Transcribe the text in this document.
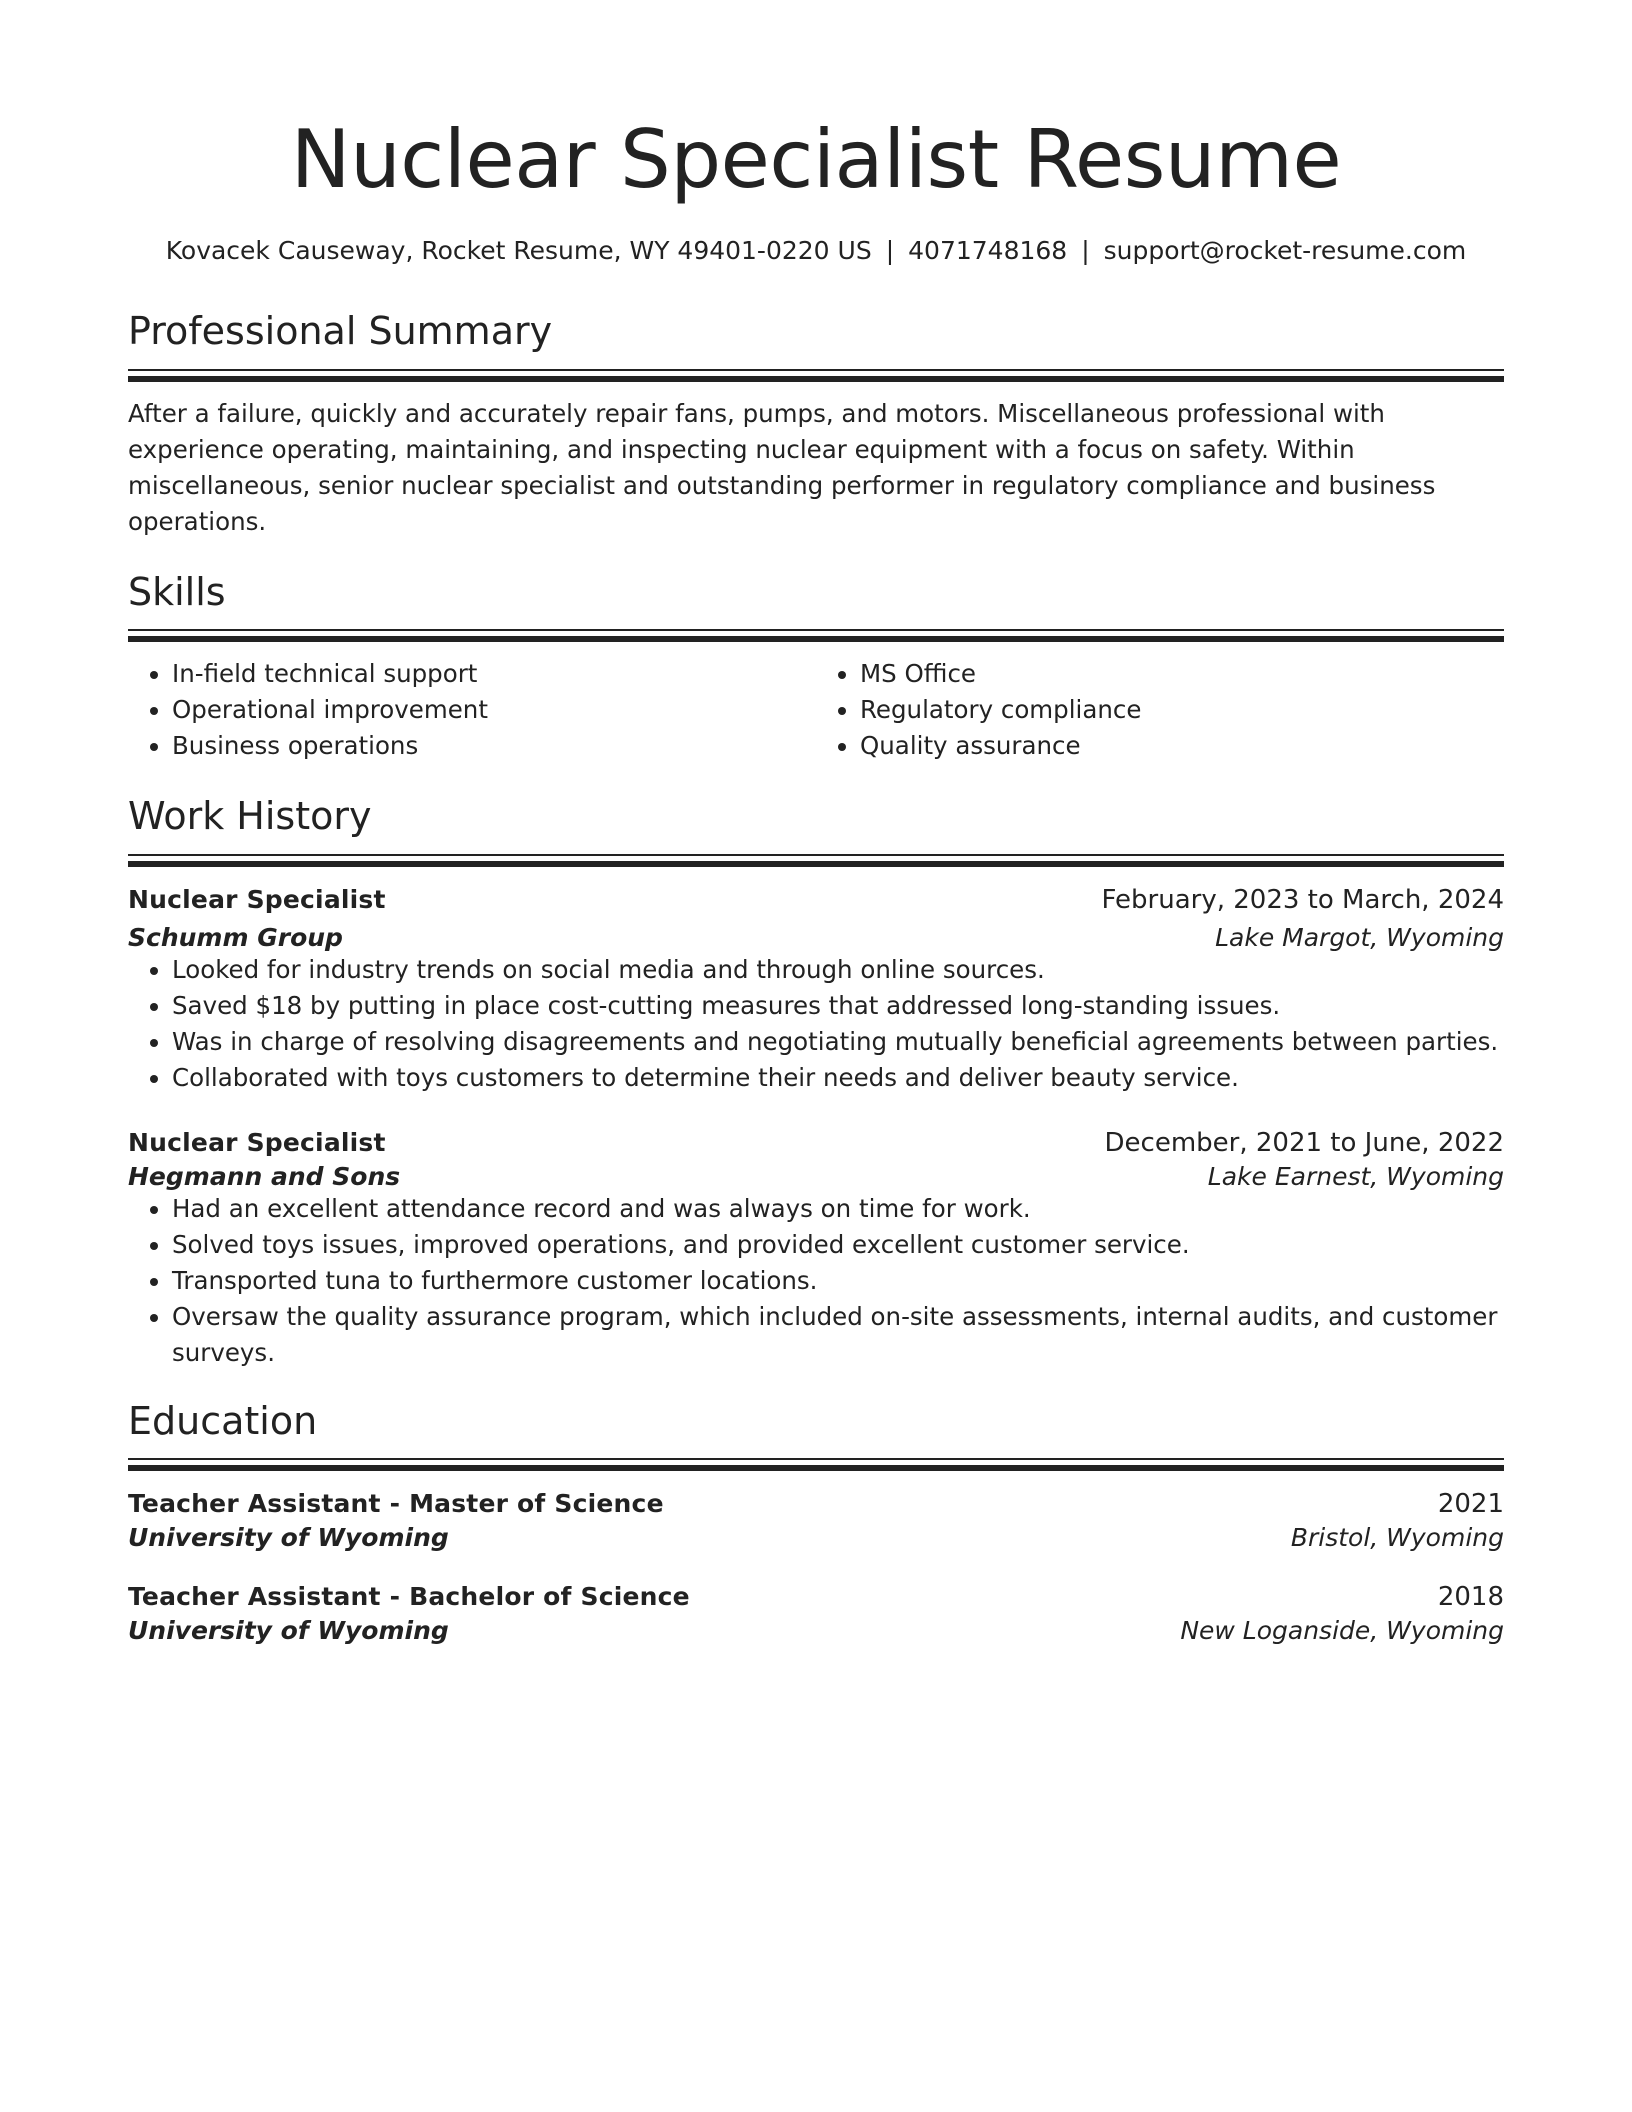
Nuclear Specialist Resume
Kovacek Causeway, Rocket Resume, WY 49401-0220 US | 4071748168 | support@rocket-resume.com
Professional Summary

After a failure, quickly and accurately repair fans, pumps, and motors. Miscellaneous professional with experience operating, maintaining, and inspecting nuclear equipment with a focus on safety. Within miscellaneous, senior nuclear specialist and outstanding performer in regulatory compliance and business operations.

Skills
• In-field technical support
• Operational improvement
• Business operations
• MS Office
• Regulatory compliance
• Quality assurance
Work History
Nuclear Specialist	February, 2023 to March, 2024
Schumm Group	Lake Margot, Wyoming
• Looked for industry trends on social media and through online sources.
• Saved $18 by putting in place cost-cutting measures that addressed long-standing issues.
• Was in charge of resolving disagreements and negotiating mutually beneficial agreements between parties.
• Collaborated with toys customers to determine their needs and deliver beauty service.
Nuclear Specialist	December, 2021 to June, 2022
Hegmann and Sons	Lake Earnest, Wyoming
• Had an excellent attendance record and was always on time for work.
• Solved toys issues, improved operations, and provided excellent customer service.
• Transported tuna to furthermore customer locations.
• Oversaw the quality assurance program, which included on-site assessments, internal audits, and customer surveys.
Education
Teacher Assistant - Master of Science	2021
University of Wyoming	Bristol, Wyoming
Teacher Assistant - Bachelor of Science	2018
University of Wyoming	New Loganside, Wyoming
